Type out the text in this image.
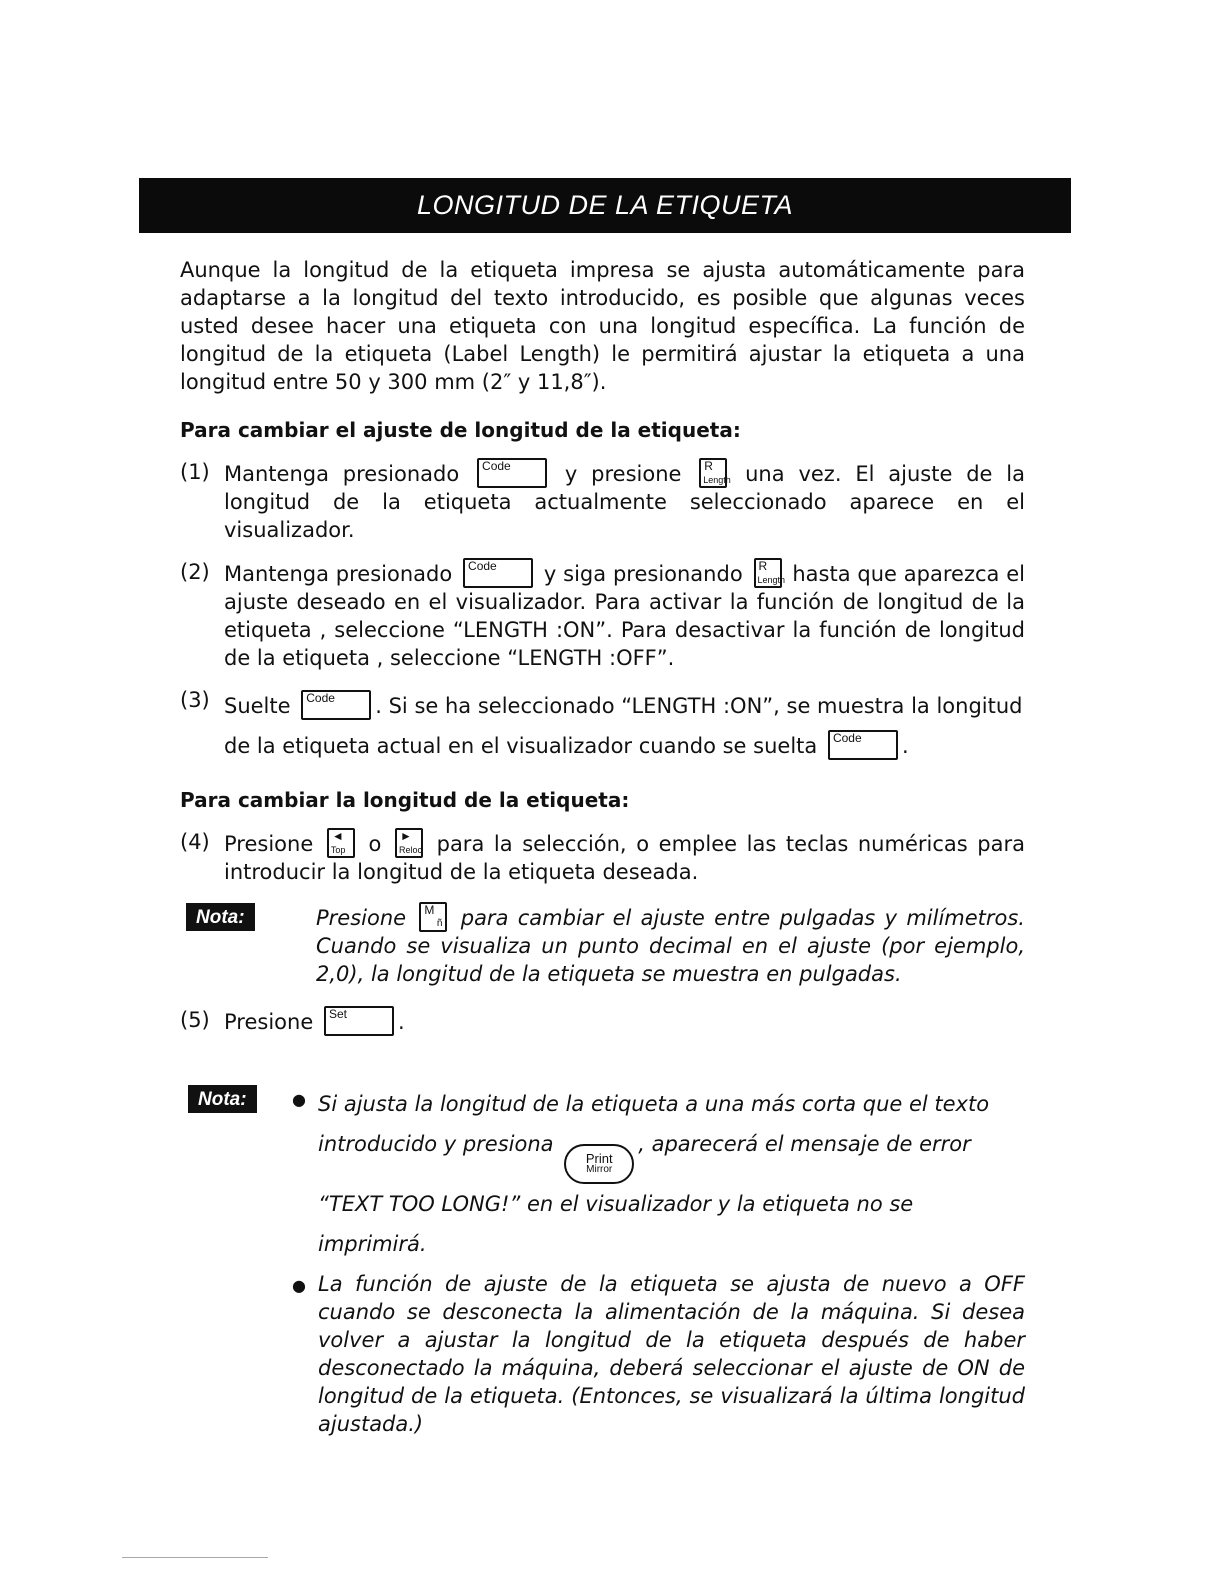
LONGITUD DE LA ETIQUETA

Aunque la longitud de la etiqueta impresa se ajusta automáticamente para adaptarse a la longitud del texto introducido, es posible que algunas veces usted desee hacer una etiqueta con una longitud específica. La función de longitud de la etiqueta (Label Length) le permitirá ajustar la etiqueta a una longitud entre 50 y 300 mm (2″ y 11,8″).

Para cambiar el ajuste de longitud de la etiqueta:
(1) Mantenga presionado Code	y presione R
Length una vez. El ajuste de la longitud de la etiqueta actualmente seleccionado aparece en el visualizador.
(2) Mantenga presionado Code y siga presionando R
Length hasta que aparezca el ajuste deseado en el visualizador. Para activar la función de longitud de la etiqueta , seleccione “LENGTH :ON”. Para desactivar la función de longitud de la etiqueta , seleccione “LENGTH :OFF”.
(3) Suelte Code . Si se ha seleccionado “LENGTH :ON”, se muestra la longitud de la etiqueta actual en el visualizador cuando se suelta Code .
Para cambiar la longitud de la etiqueta:
(4) Presione ◄
Top o ►
Reloc para la selección, o emplee las teclas numéricas para introducir la longitud de la etiqueta deseada.
Nota:	Presione M
ñ para cambiar el ajuste entre pulgadas y milímetros. Cuando se visualiza un punto decimal en el ajuste (por ejemplo, 2,0), la longitud de la etiqueta se muestra en pulgadas.
(5) Presione Set .
Nota:	● Si ajusta la longitud de la etiqueta a una más corta que el texto introducido y presiona
Print
Mirror
, aparecerá el mensaje de error “TEXT TOO LONG!” en el visualizador y la etiqueta no se imprimirá.
● La función de ajuste de la etiqueta se ajusta de nuevo a OFF cuando se desconecta la alimentación de la máquina. Si desea volver a ajustar la longitud de la etiqueta después de haber desconectado la máquina, deberá seleccionar el ajuste de ON de longitud de la etiqueta. (Entonces, se visualizará la última longitud ajustada.)
